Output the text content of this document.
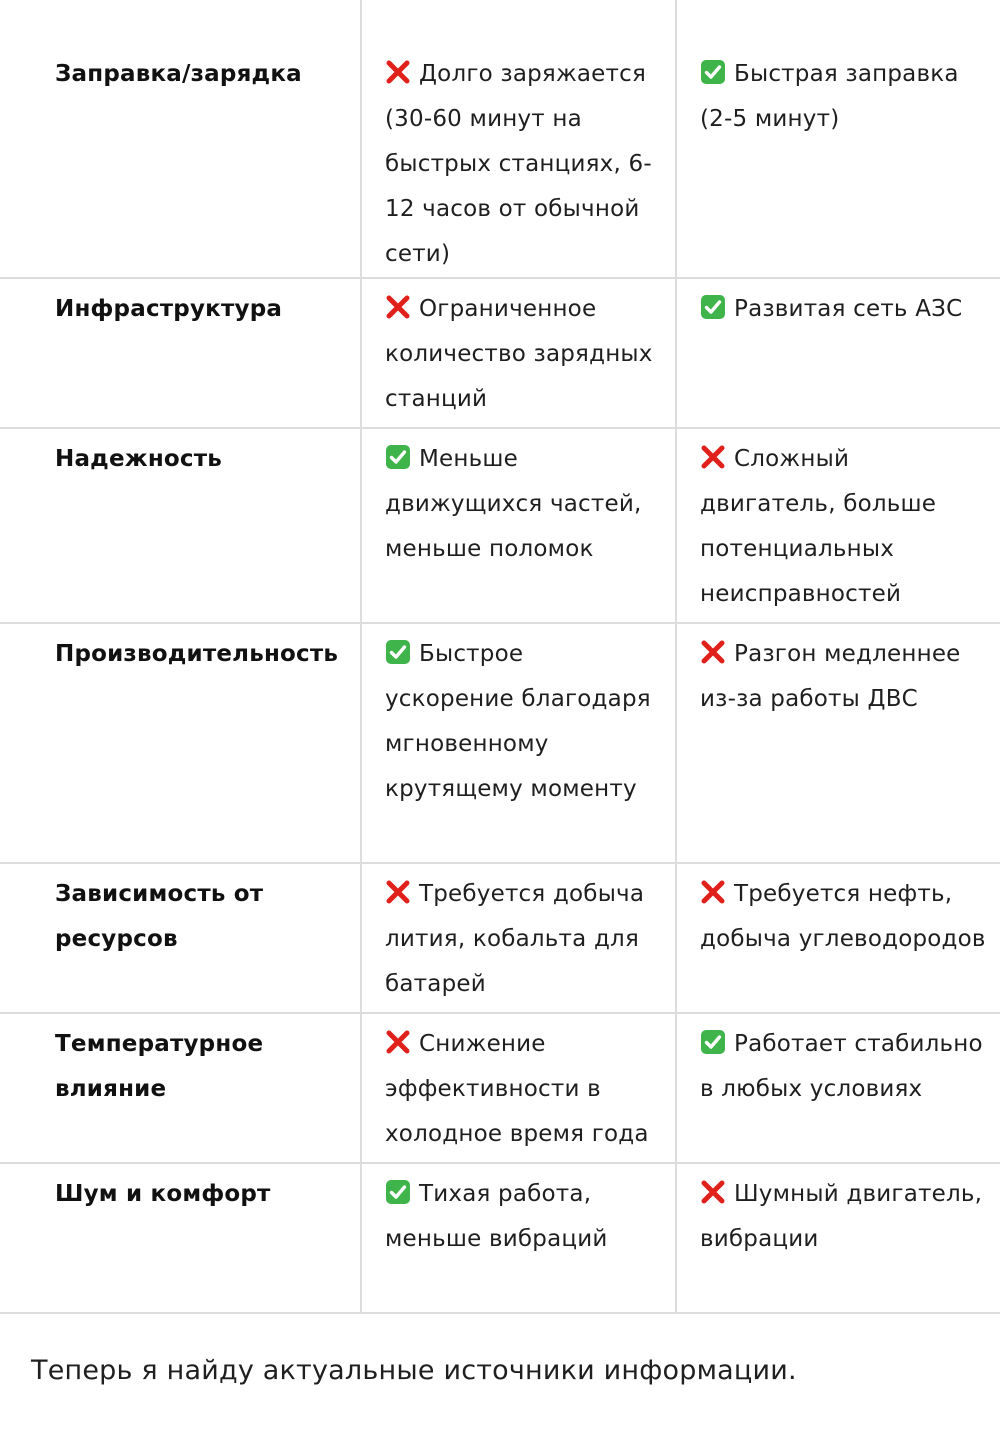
Заправка/зарядка	Долго заряжается (30-60 минут на быстрых станциях, 6-12 часов от обычной сети)	Быстрая заправка (2-5 минут)
Инфраструктура	Ограниченное количество зарядных станций	Развитая сеть АЗС
Надежность	Меньше движущихся частей, меньше поломок	Сложный двигатель, больше потенциальных неисправностей
Производительность	Быстрое ускорение благодаря мгновенному крутящему моменту	Разгон медленнее из-за работы ДВС
Зависимость от ресурсов	Требуется добыча лития, кобальта для батарей	Требуется нефть, добыча углеводородов
Температурное влияние	Снижение эффективности в холодное время года	Работает стабильно в любых условиях
Шум и комфорт	Тихая работа, меньше вибраций	Шумный двигатель, вибрации
Теперь я найду актуальные источники информации.
